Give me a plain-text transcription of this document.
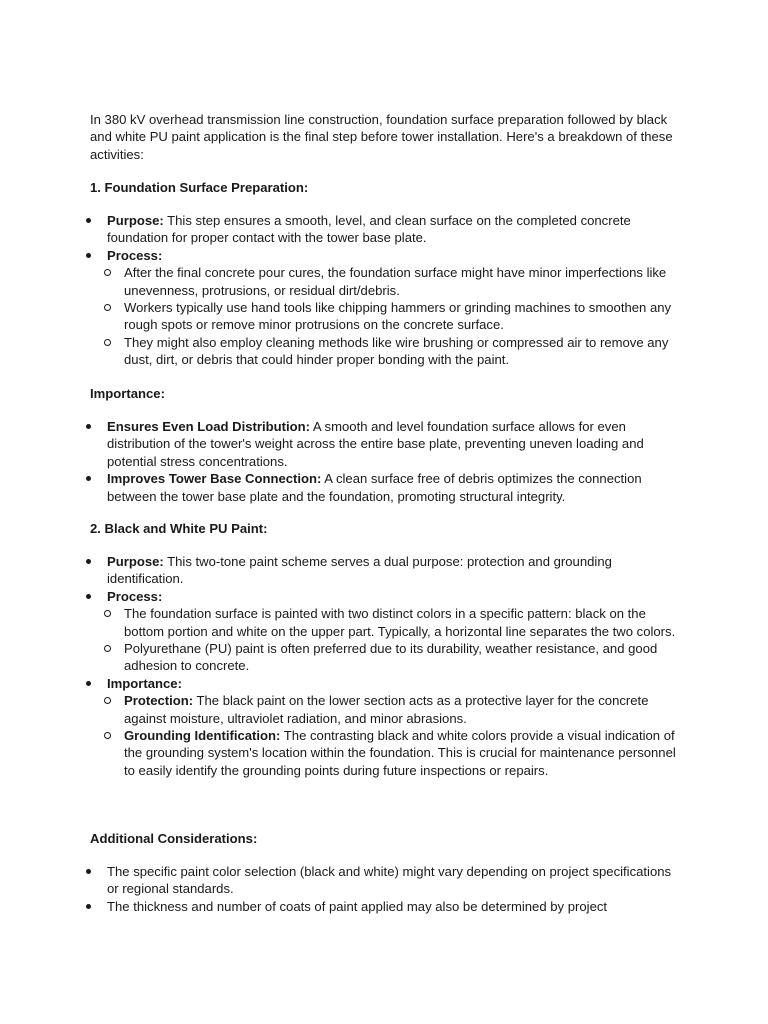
In 380 kV overhead transmission line construction, foundation surface preparation followed by black and white PU paint application is the final step before tower installation. Here's a breakdown of these activities:

1. Foundation Surface Preparation:

Purpose: This step ensures a smooth, level, and clean surface on the completed concrete foundation for proper contact with the tower base plate.
Process:
After the final concrete pour cures, the foundation surface might have minor imperfections like unevenness, protrusions, or residual dirt/debris.
Workers typically use hand tools like chipping hammers or grinding machines to smoothen any rough spots or remove minor protrusions on the concrete surface.
They might also employ cleaning methods like wire brushing or compressed air to remove any dust, dirt, or debris that could hinder proper bonding with the paint.

Importance:

Ensures Even Load Distribution: A smooth and level foundation surface allows for even distribution of the tower's weight across the entire base plate, preventing uneven loading and potential stress concentrations.
Improves Tower Base Connection: A clean surface free of debris optimizes the connection between the tower base plate and the foundation, promoting structural integrity.

2. Black and White PU Paint:

Purpose: This two-tone paint scheme serves a dual purpose: protection and grounding identification.
Process:
The foundation surface is painted with two distinct colors in a specific pattern: black on the bottom portion and white on the upper part. Typically, a horizontal line separates the two colors.
Polyurethane (PU) paint is often preferred due to its durability, weather resistance, and good adhesion to concrete.
Importance:
Protection: The black paint on the lower section acts as a protective layer for the concrete against moisture, ultraviolet radiation, and minor abrasions.
Grounding Identification: The contrasting black and white colors provide a visual indication of the grounding system's location within the foundation. This is crucial for maintenance personnel to easily identify the grounding points during future inspections or repairs.

Additional Considerations:

The specific paint color selection (black and white) might vary depending on project specifications or regional standards.
The thickness and number of coats of paint applied may also be determined by project
